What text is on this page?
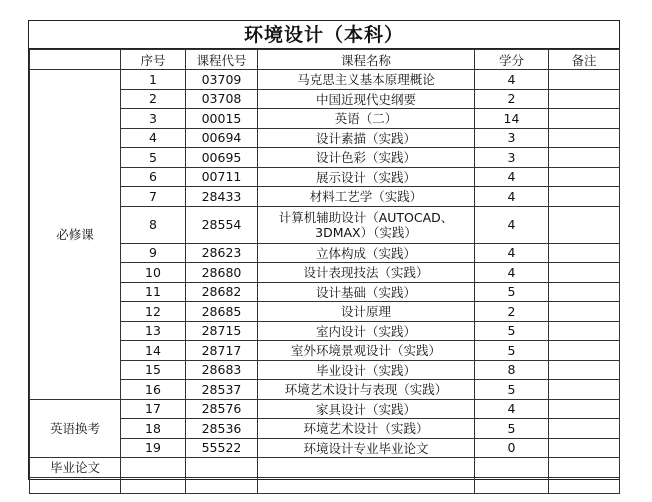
环境设计（本科）
	序号	课程代号	课程名称	学分	备注
必修课	1	03709	马克思主义基本原理概论	4	
	2	03708	中国近现代史纲要	2	
	3	00015	英语（二）	14	
	4	00694	设计素描（实践）	3	
	5	00695	设计色彩（实践）	3	
	6	00711	展示设计（实践）	4	
	7	28433	材料工艺学（实践）	4	
	8	28554	计算机辅助设计（AUTOCAD、
3DMAX）（实践）	4	
	9	28623	立体构成（实践）	4	
	10	28680	设计表现技法（实践）	4	
	11	28682	设计基础（实践）	5	
	12	28685	设计原理	2	
	13	28715	室内设计（实践）	5	
	14	28717	室外环境景观设计（实践）	5	
	15	28683	毕业设计（实践）	8	
	16	28537	环境艺术设计与表现（实践）	5	
英语换考	17	28576	家具设计（实践）	4	
	18	28536	环境艺术设计（实践）	5	
	19	55522	环境设计专业毕业论文	0	
毕业论文					
